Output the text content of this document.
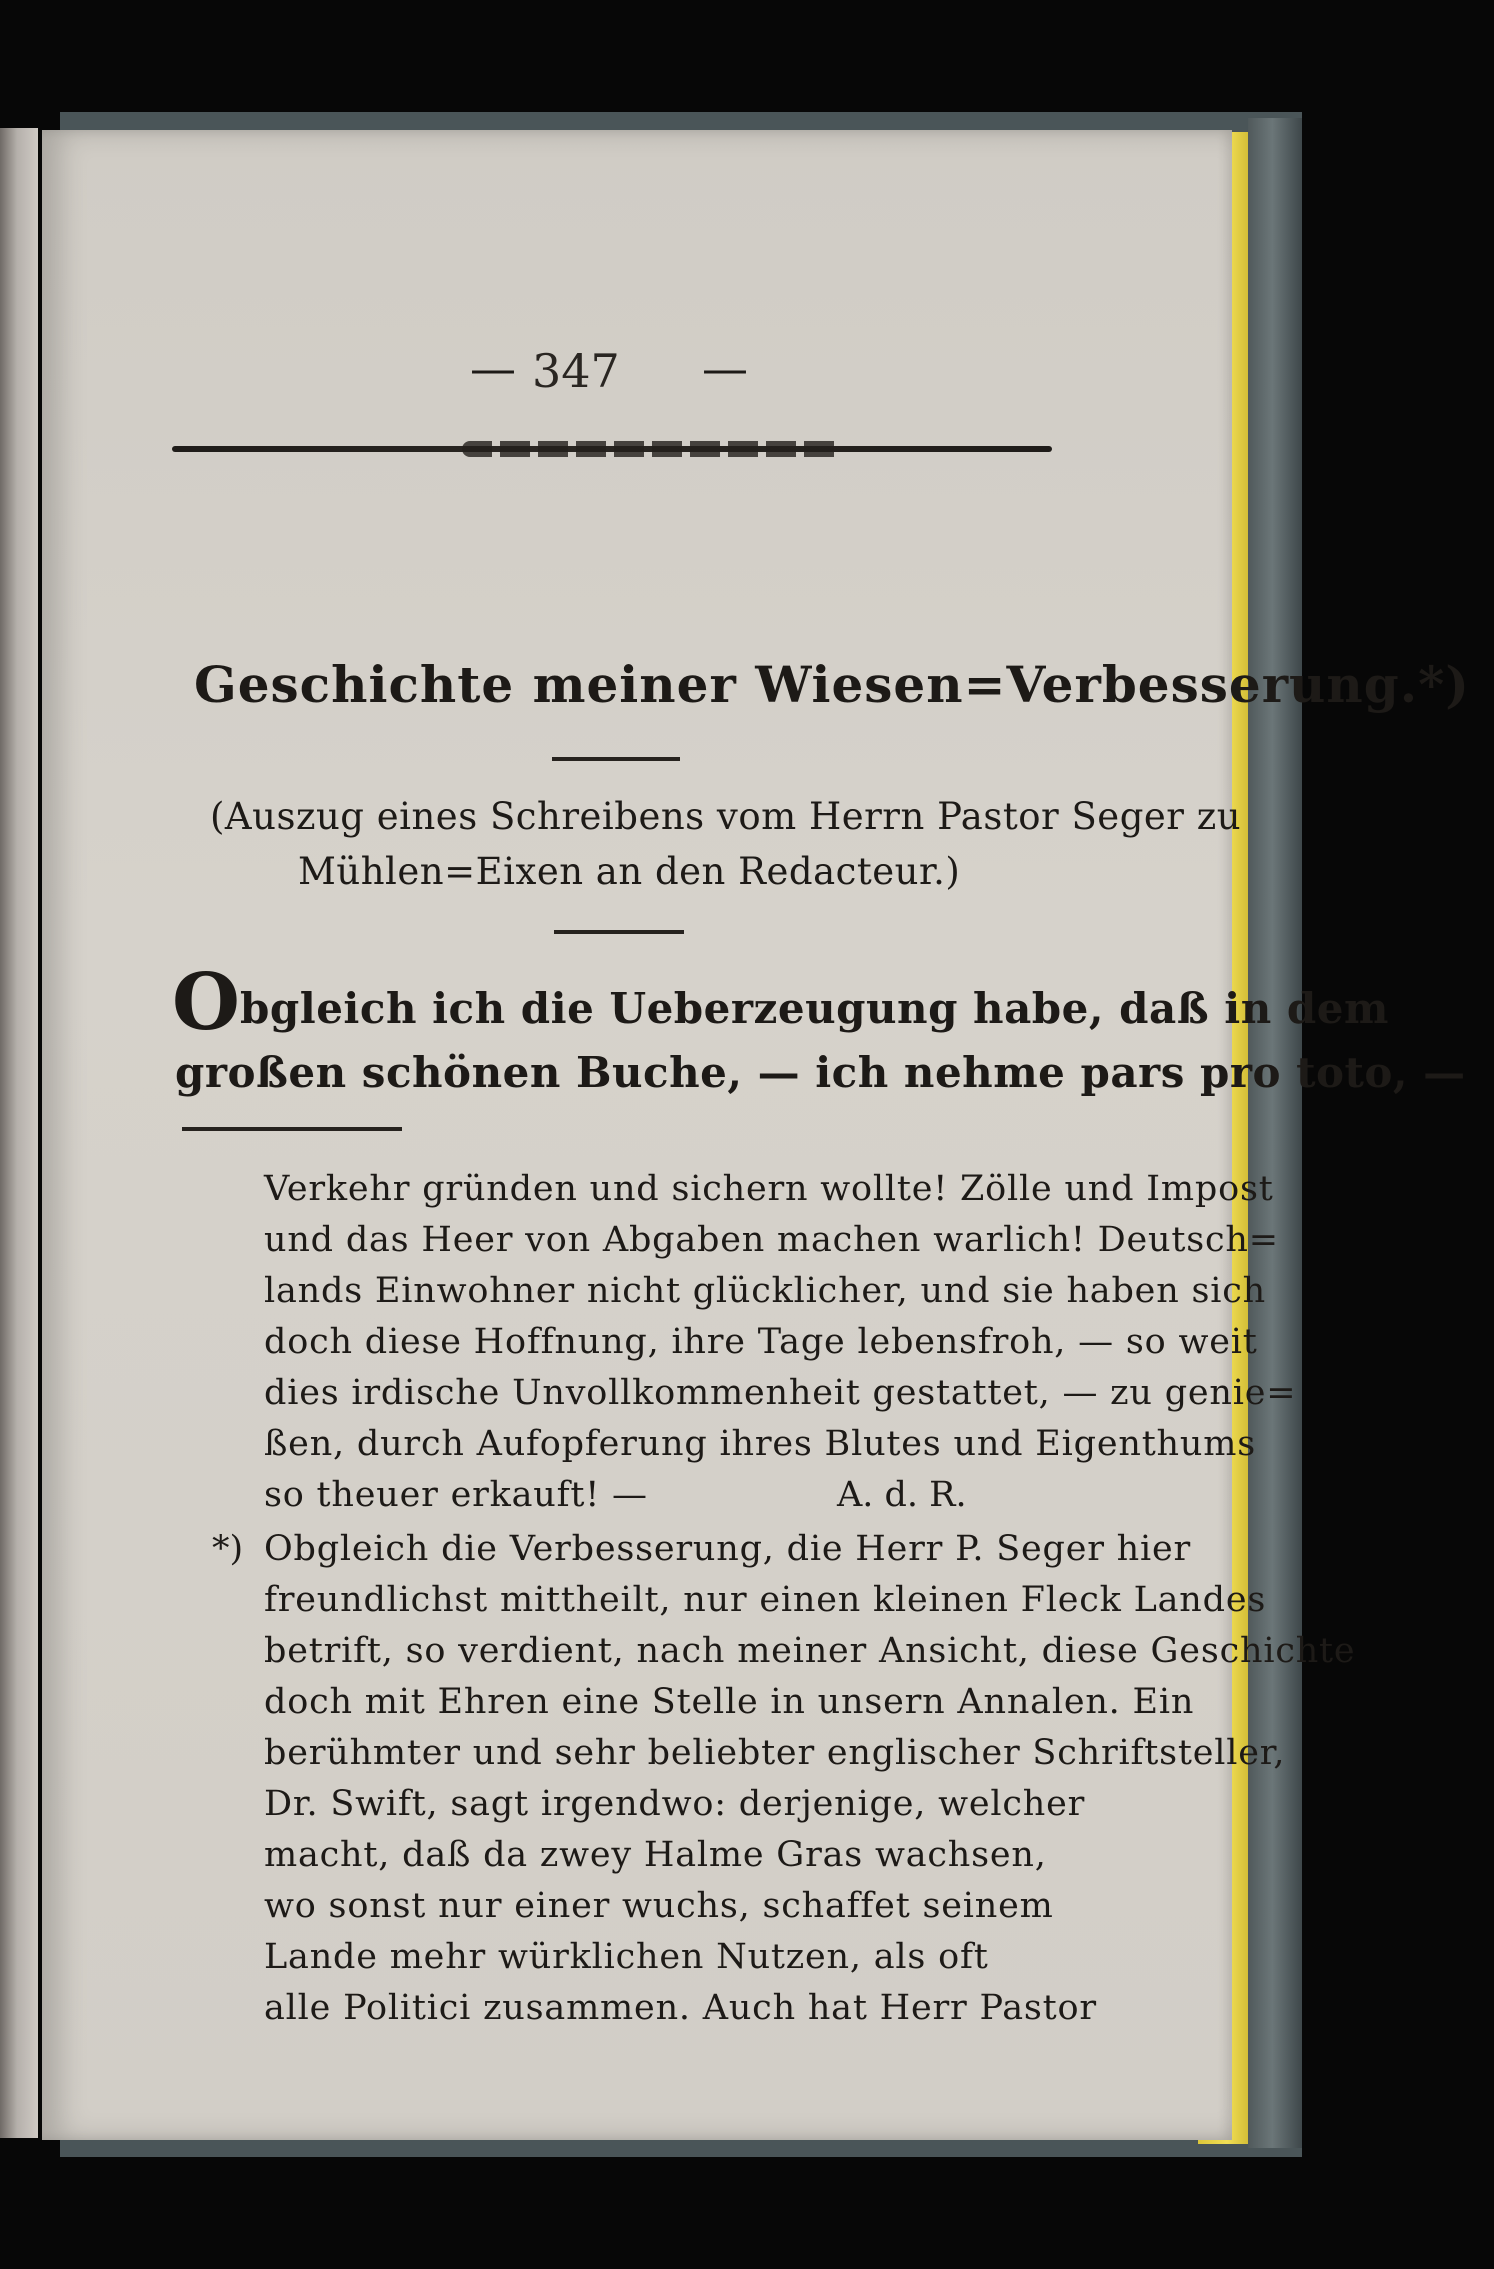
— 347 —
Geschichte meiner Wiesen=Verbesserung.*)
(Auszug eines Schreibens vom Herrn Pastor Seger zu
Mühlen=Eixen an den Redacteur.)
O bgleich ich die Ueberzeugung habe, daß in dem
großen schönen Buche, — ich nehme pars pro toto, —
Verkehr gründen und sichern wollte! Zölle und Impost
und das Heer von Abgaben machen warlich! Deutsch=
lands Einwohner nicht glücklicher, und sie haben sich
doch diese Hoffnung, ihre Tage lebensfroh, — so weit
dies irdische Unvollkommenheit gestattet, — zu genie=
ßen, durch Aufopferung ihres Blutes und Eigenthums
so theuer erkauft! —	A. d. R.
*) Obgleich die Verbesserung, die Herr P. Seger hier
freundlichst mittheilt, nur einen kleinen Fleck Landes
betrift, so verdient, nach meiner Ansicht, diese Geschichte
doch mit Ehren eine Stelle in unsern Annalen. Ein
berühmter und sehr beliebter englischer Schriftsteller,
Dr. Swift, sagt irgendwo: derjenige, welcher
macht, daß da zwey Halme Gras wachsen,
wo sonst nur einer wuchs, schaffet seinem
Lande mehr würklichen Nutzen, als oft
alle Politici zusammen. Auch hat Herr Pastor
